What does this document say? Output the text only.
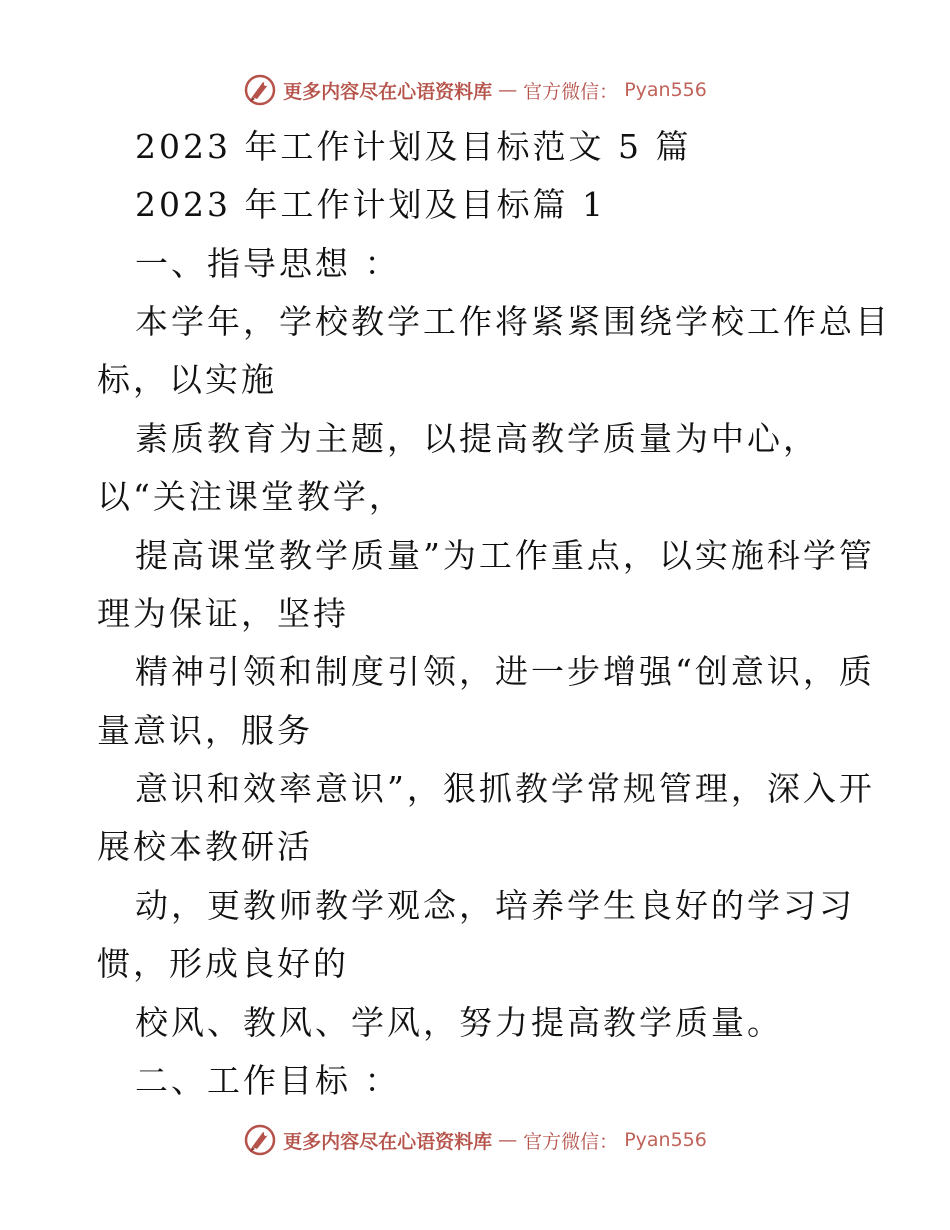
更多内容尽在心语资料库 — 官方微信： Pyan556
2023 年工作计划及目标范文 5 篇
2023 年工作计划及目标篇 1
一、指导思想 ：
本学年，学校教学工作将紧紧围绕学校工作总目
标，以实施
素质教育为主题，以提高教学质量为中心，
以“关注课堂教学，
提高课堂教学质量”为工作重点，以实施科学管
理为保证，坚持
精神引领和制度引领，进一步增强“创意识，质
量意识，服务
意识和效率意识”，狠抓教学常规管理，深入开
展校本教研活
动，更教师教学观念，培养学生良好的学习习
惯，形成良好的
校风、教风、学风，努力提高教学质量。
二、工作目标 ：
更多内容尽在心语资料库 — 官方微信： Pyan556
